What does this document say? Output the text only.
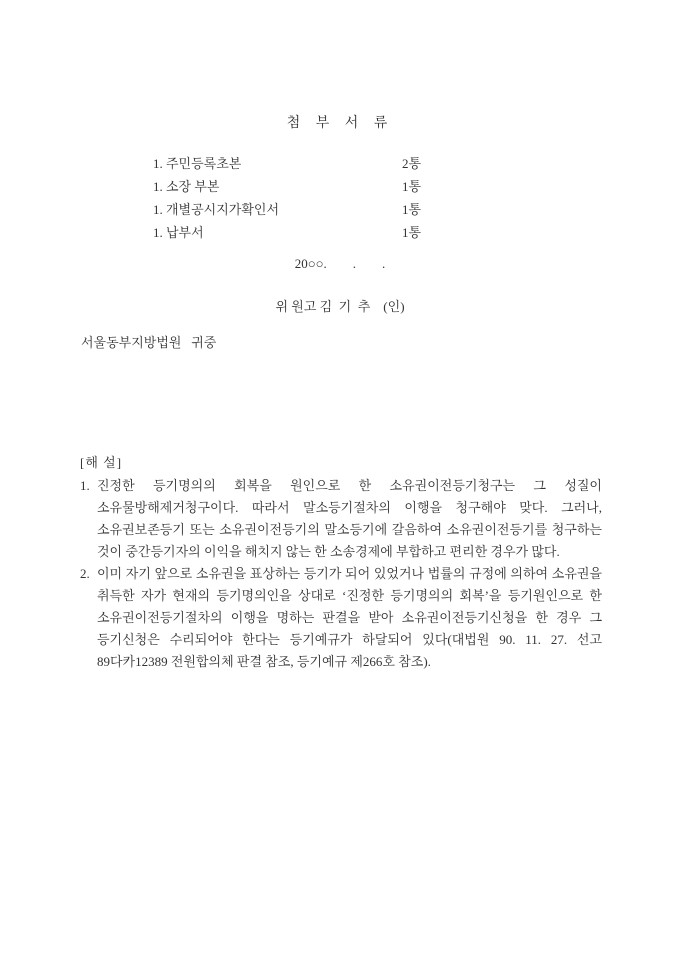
첨 부 서 류
1. 주민등록초본	2통
1. 소장 부본	1통
1. 개별공시지가확인서	1통
1. 납부서	1통
20○○.        .        .
위 원고 김  기  추    (인)
서울동부지방법원   귀중
[해 설]
1. 진정한 등기명의의 회복을 원인으로 한 소유권이전등기청구는 그 성질이 소유물방해제거청구이다. 따라서 말소등기절차의 이행을 청구해야 맞다. 그러나, 소유권보존등기 또는 소유권이전등기의 말소등기에 갈음하여 소유권이전등기를 청구하는 것이 중간등기자의 이익을 해치지 않는 한 소송경제에 부합하고 편리한 경우가 많다.
2. 이미 자기 앞으로 소유권을 표상하는 등기가 되어 있었거나 법률의 규정에 의하여 소유권을 취득한 자가 현재의 등기명의인을 상대로 ‘진정한 등기명의의 회복’을 등기원인으로 한 소유권이전등기절차의 이행을 명하는 판결을 받아 소유권이전등기신청을 한 경우 그 등기신청은 수리되어야 한다는 등기예규가 하달되어 있다(대법원 90. 11. 27. 선고 89다카12389 전원합의체 판결 참조, 등기예규 제266호 참조).
